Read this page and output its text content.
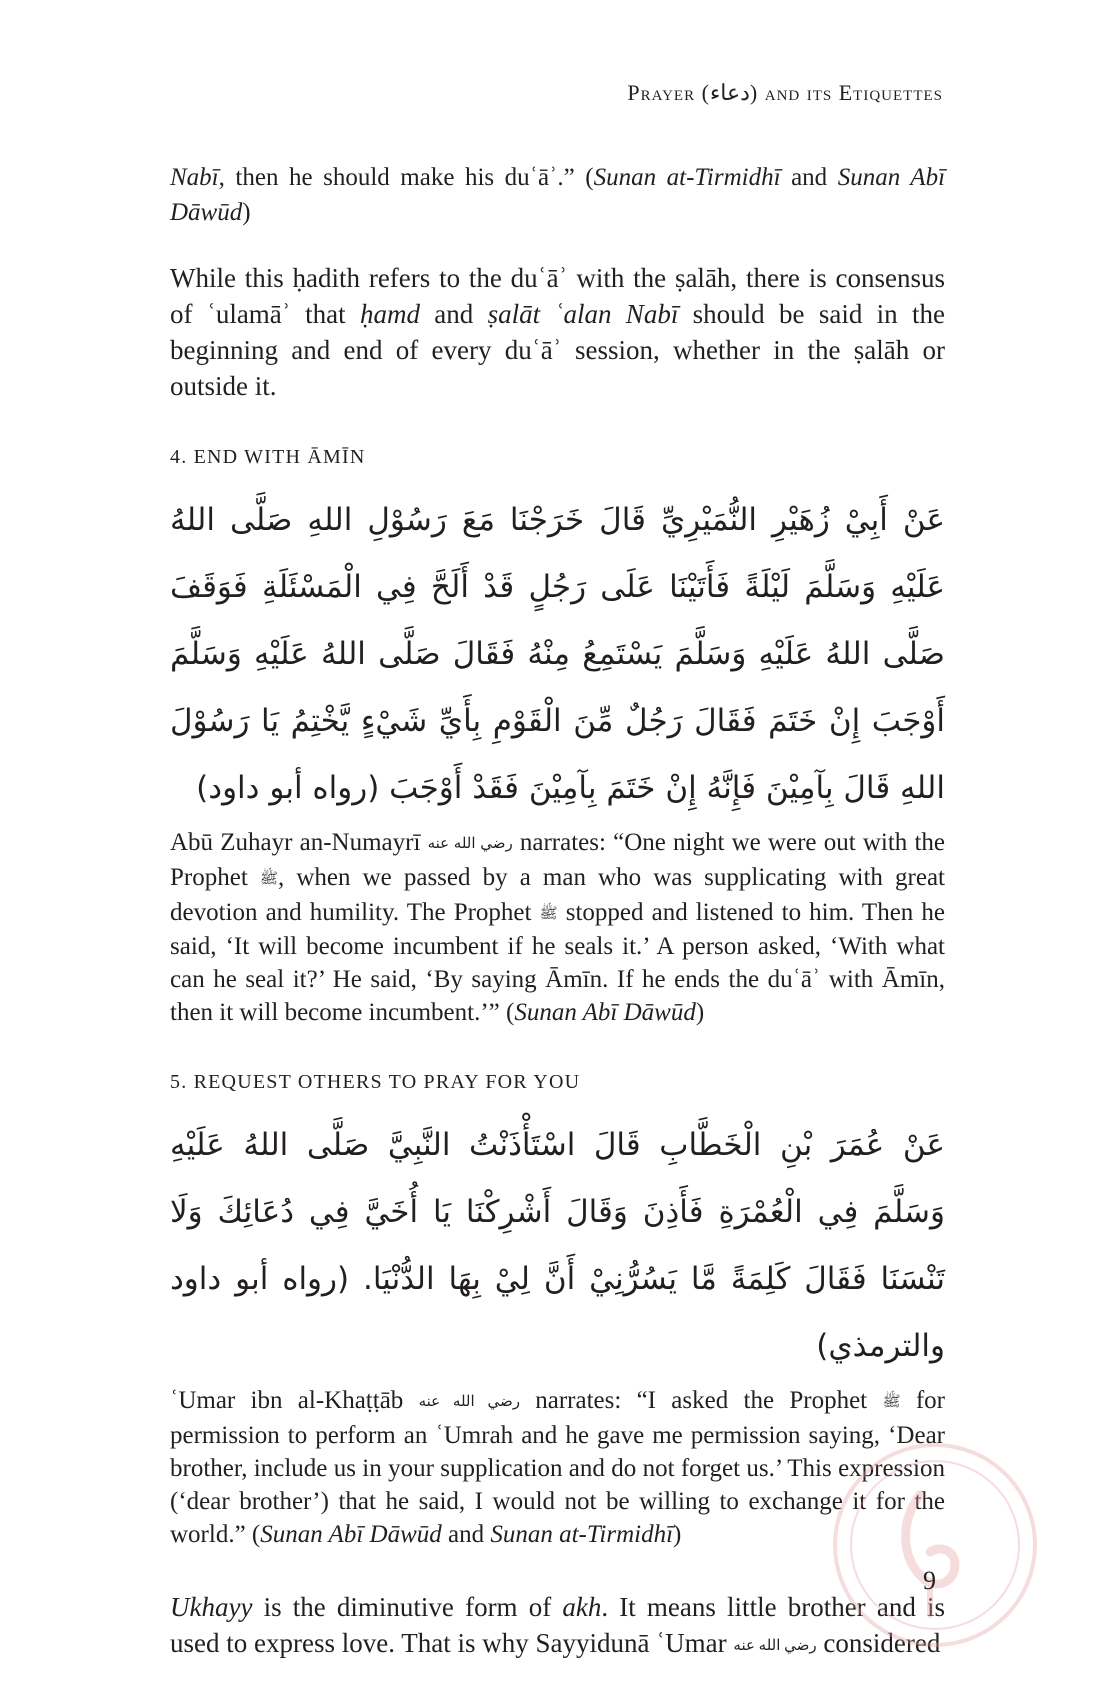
Prayer (دعاء) and its Etiquettes

Nabī, then he should make his duʿāʾ.” (Sunan at-Tirmidhī and Sunan Abī Dāwūd)

While this ḥadith refers to the duʿāʾ with the ṣalāh, there is consensus of ʿulamāʾ that ḥamd and ṣalāt ʿalan Nabī should be said in the beginning and end of every duʿāʾ session, whether in the ṣalāh or outside it.

4. END WITH ĀMĪN

عَنْ أَبِيْ زُهَيْرِ النُّمَيْرِيِّ قَالَ خَرَجْنَا مَعَ رَسُوْلِ اللهِ صَلَّى اللهُ عَلَيْهِ وَسَلَّمَ لَيْلَةً فَأَتَيْنَا عَلَى رَجُلٍ قَدْ أَلَحَّ فِي الْمَسْئَلَةِ فَوَقَفَ صَلَّى اللهُ عَلَيْهِ وَسَلَّمَ يَسْتَمِعُ مِنْهُ فَقَالَ صَلَّى اللهُ عَلَيْهِ وَسَلَّمَ أَوْجَبَ إِنْ خَتَمَ فَقَالَ رَجُلٌ مِّنَ الْقَوْمِ بِأَيِّ شَيْءٍ يَّخْتِمُ يَا رَسُوْلَ اللهِ قَالَ بِآمِيْنَ فَإِنَّهُ إِنْ خَتَمَ بِآمِيْنَ فَقَدْ أَوْجَبَ (رواه أبو داود)

Abū Zuhayr an-Numayrī رضي الله عنه narrates: “One night we were out with the Prophet ﷺ, when we passed by a man who was supplicating with great devotion and humility. The Prophet ﷺ stopped and listened to him. Then he said, ‘It will become incumbent if he seals it.’ A person asked, ‘With what can he seal it?’ He said, ‘By saying Āmīn. If he ends the duʿāʾ with Āmīn, then it will become incumbent.’” (Sunan Abī Dāwūd)

5. REQUEST OTHERS TO PRAY FOR YOU

عَنْ عُمَرَ بْنِ الْخَطَّابِ قَالَ اسْتَأْذَنْتُ النَّبِيَّ صَلَّى اللهُ عَلَيْهِ وَسَلَّمَ فِي الْعُمْرَةِ فَأَذِنَ وَقَالَ أَشْرِكْنَا يَا أُخَيَّ فِي دُعَائِكَ وَلَا تَنْسَنَا فَقَالَ كَلِمَةً مَّا يَسُرُّنِيْ أَنَّ لِيْ بِهَا الدُّنْيَا. (رواه أبو داود والترمذي)

ʿUmar ibn al-Khaṭṭāb رضي الله عنه narrates: “I asked the Prophet ﷺ for permission to perform an ʿUmrah and he gave me permission saying, ‘Dear brother, include us in your supplication and do not forget us.’ This expression (‘dear brother’) that he said, I would not be willing to exchange it for the world.” (Sunan Abī Dāwūd and Sunan at-Tirmidhī)

Ukhayy is the diminutive form of akh. It means little brother and is used to express love. That is why Sayyidunā ʿUmar رضي الله عنه considered

9
